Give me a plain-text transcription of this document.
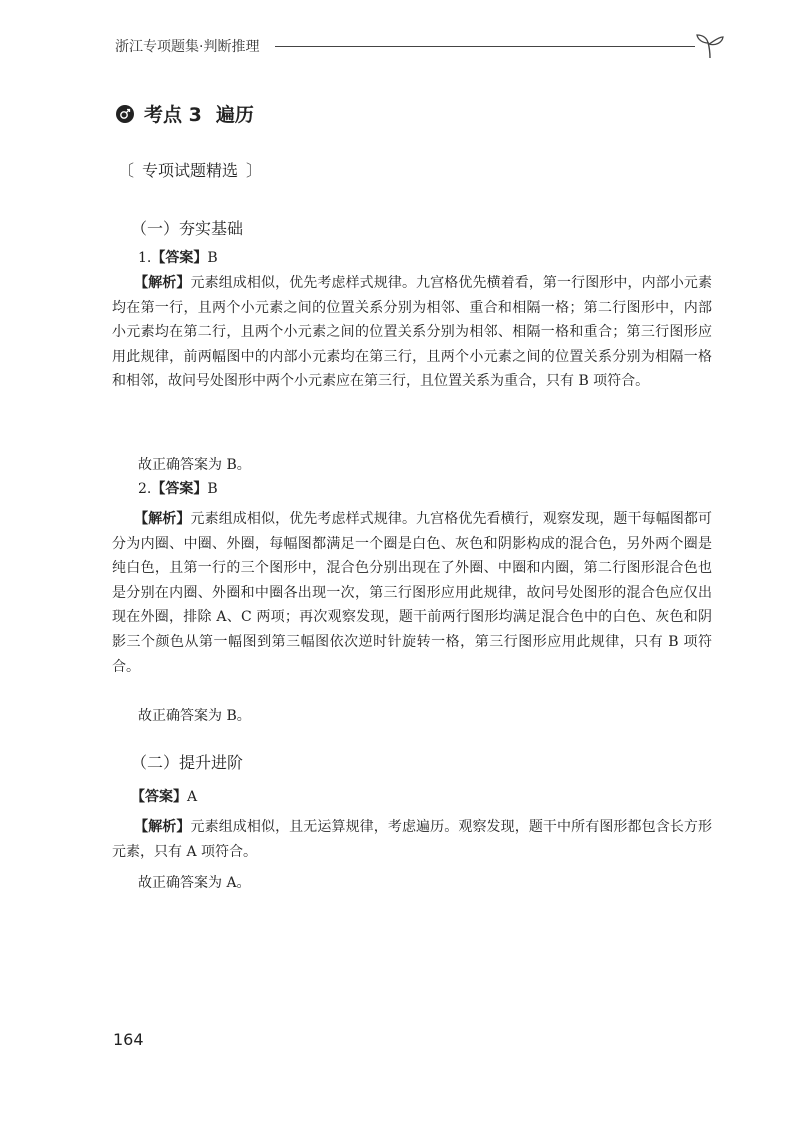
浙江专项题集·判断推理
考点 3 遍历
〔 专项试题精选 〕
（一）夯实基础
1.【答案】B
【解析】元素组成相似，优先考虑样式规律。九宫格优先横着看，第一行图形中，内部小元素均在第一行，且两个小元素之间的位置关系分别为相邻、重合和相隔一格；第二行图形中，内部小元素均在第二行，且两个小元素之间的位置关系分别为相邻、相隔一格和重合；第三行图形应用此规律，前两幅图中的内部小元素均在第三行，且两个小元素之间的位置关系分别为相隔一格和相邻，故问号处图形中两个小元素应在第三行，且位置关系为重合，只有 B 项符合。
故正确答案为 B。
2.【答案】B
【解析】元素组成相似，优先考虑样式规律。九宫格优先看横行，观察发现，题干每幅图都可分为内圈、中圈、外圈，每幅图都满足一个圈是白色、灰色和阴影构成的混合色，另外两个圈是纯白色，且第一行的三个图形中，混合色分别出现在了外圈、中圈和内圈，第二行图形混合色也是分别在内圈、外圈和中圈各出现一次，第三行图形应用此规律，故问号处图形的混合色应仅出现在外圈，排除 A、C 两项；再次观察发现，题干前两行图形均满足混合色中的白色、灰色和阴影三个颜色从第一幅图到第三幅图依次逆时针旋转一格，第三行图形应用此规律，只有 B 项符合。
故正确答案为 B。
（二）提升进阶
【答案】A
【解析】元素组成相似，且无运算规律，考虑遍历。观察发现，题干中所有图形都包含长方形元素，只有 A 项符合。
故正确答案为 A。
164
